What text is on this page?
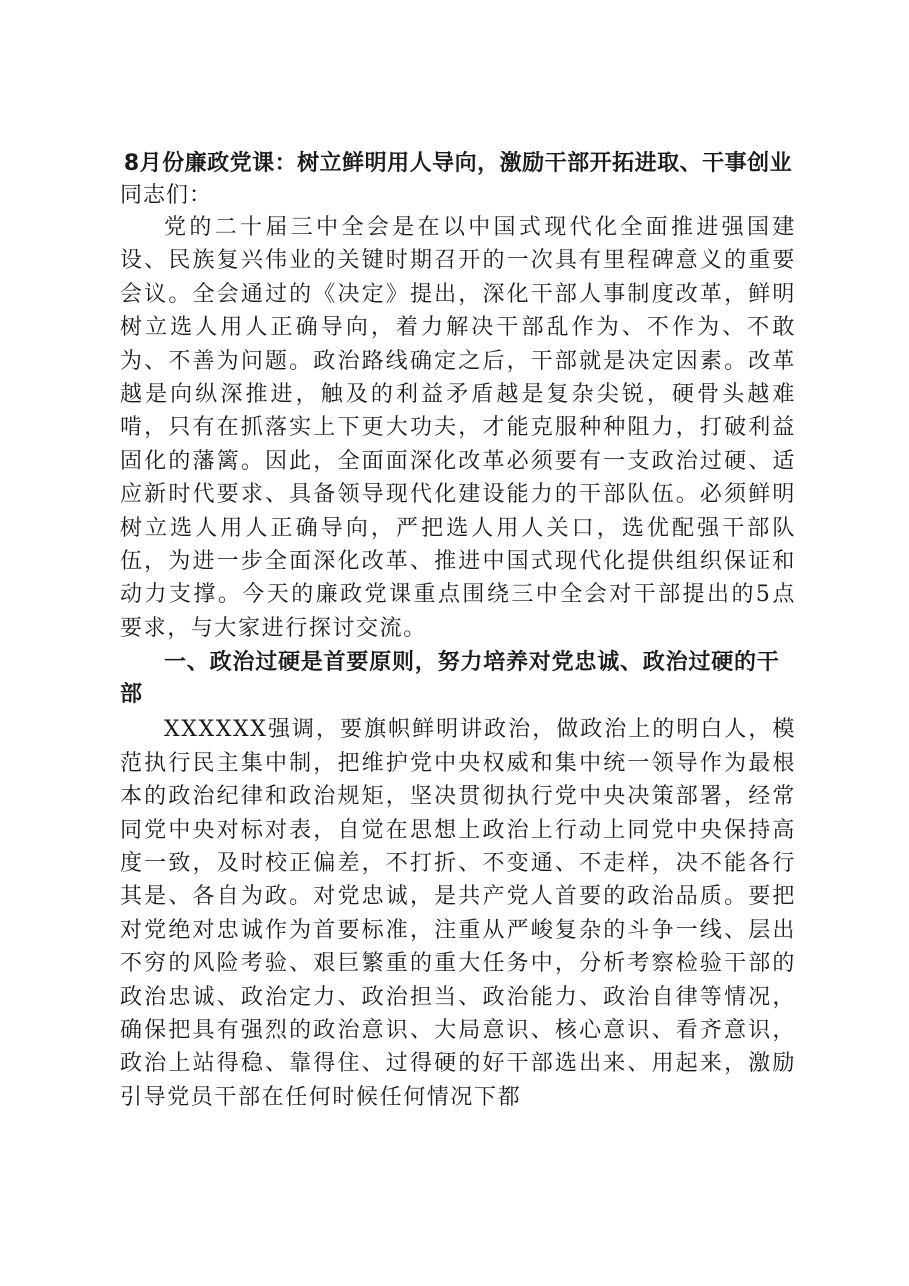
8月份廉政党课：树立鲜明用人导向，激励干部开拓进取、干事创业

同志们：

党的二十届三中全会是在以中国式现代化全面推进强国建设、民族复兴伟业的关键时期召开的一次具有里程碑意义的重要会议。全会通过的《决定》提出，深化干部人事制度改革，鲜明树立选人用人正确导向，着力解决干部乱作为、不作为、不敢为、不善为问题。政治路线确定之后，干部就是决定因素。改革越是向纵深推进，触及的利益矛盾越是复杂尖锐，硬骨头越难啃，只有在抓落实上下更大功夫，才能克服种种阻力，打破利益固化的藩篱。因此，全面面深化改革必须要有一支政治过硬、适应新时代要求、具备领导现代化建设能力的干部队伍。必须鲜明树立选人用人正确导向，严把选人用人关口，选优配强干部队伍，为进一步全面深化改革、推进中国式现代化提供组织保证和动力支撑。今天的廉政党课重点围绕三中全会对干部提出的5点要求，与大家进行探讨交流。

一、政治过硬是首要原则，努力培养对党忠诚、政治过硬的干部

XXXXXX强调，要旗帜鲜明讲政治，做政治上的明白人，模范执行民主集中制，把维护党中央权威和集中统一领导作为最根本的政治纪律和政治规矩，坚决贯彻执行党中央决策部署，经常同党中央对标对表，自觉在思想上政治上行动上同党中央保持高度一致，及时校正偏差，不打折、不变通、不走样，决不能各行其是、各自为政。对党忠诚，是共产党人首要的政治品质。要把对党绝对忠诚作为首要标准，注重从严峻复杂的斗争一线、层出不穷的风险考验、艰巨繁重的重大任务中，分析考察检验干部的政治忠诚、政治定力、政治担当、政治能力、政治自律等情况，确保把具有强烈的政治意识、大局意识、核心意识、看齐意识，政治上站得稳、靠得住、过得硬的好干部选出来、用起来，激励引导党员干部在任何时候任何情况下都
